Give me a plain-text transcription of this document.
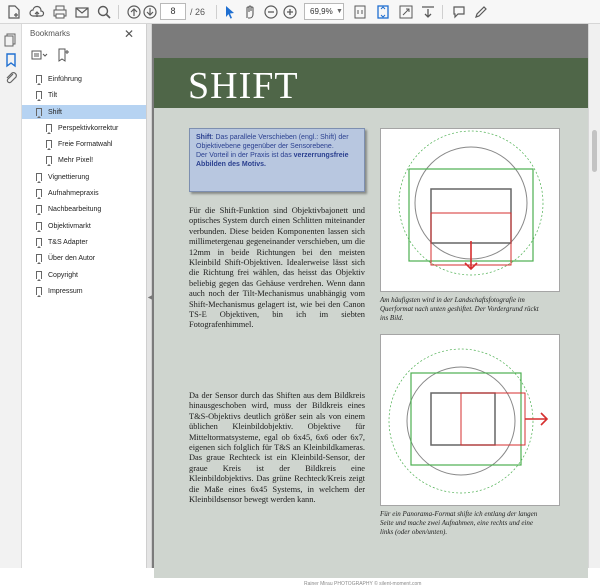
8	/ 26	69,9% ▼
Bookmarks	✕
Einführung
Tilt
Shift
Perspektivkorrektur
Freie Formatwahl
Mehr Pixel!
Vignettierung
Aufnahmepraxis
Nachbearbeitung
Objektivmarkt
T&S Adapter
Über den Autor
Copyright
Impressum
◀
SHIFT
Shift: Das parallele Verschieben (engl.: Shift) der Objektivebene gegenüber der Sensorebene.
Der Vorteil in der Praxis ist das verzerrungsfreie Abbilden des Motivs.
Für die Shift-Funktion sind Objektivbajonett und optisches System durch einen Schlitten miteinander verbunden. Diese beiden Komponenten lassen sich millimetergenau gegeneinander verschieben, um die 12mm in beide Richtungen bei den meisten Kleinbild Shift-Objektiven. Idealerweise lässt sich die Richtung frei wählen, das heisst das Objektiv beliebig gegen das Gehäuse verdrehen. Wenn dann auch noch der Tilt-Mechanismus unabhängig vom Shift-Mechanismus gelagert ist, wie bei den Canon TS-E Objektiven, bin ich im siebten Fotografenhimmel.
Da der Sensor durch das Shiften aus dem Bildkreis hinausgeschoben wird, muss der Bildkreis eines T&S-Objektivs deutlich größer sein als von einem üblichen Kleinbildobjektiv. Objektive für Mitteltormatsysteme, egal ob 6x45, 6x6 oder 6x7, eigenen sich folglich für T&S an Kleinbildkameras. Das graue Rechteck ist ein Kleinbild-Sensor, der graue Kreis ist der Bildkreis eine Kleinbildobjektivs. Das grüne Rechteck/Kreis zeigt die Maße eines 6x45 Systems, in welchem der Kleinbildsensor bewegt werden kann.
Am häufigsten wird in der Landschaftsfotografie im Querformat nach unten geshiftet. Der Vordergrund rückt ins Bild.
Für ein Panorama-Format shifte ich entlang der langen Seite und mache zwei Aufnahmen, eine rechts und eine links (oder oben/unten).
Rainer Mirau PHOTOGRAPHY © silent-moment.com
